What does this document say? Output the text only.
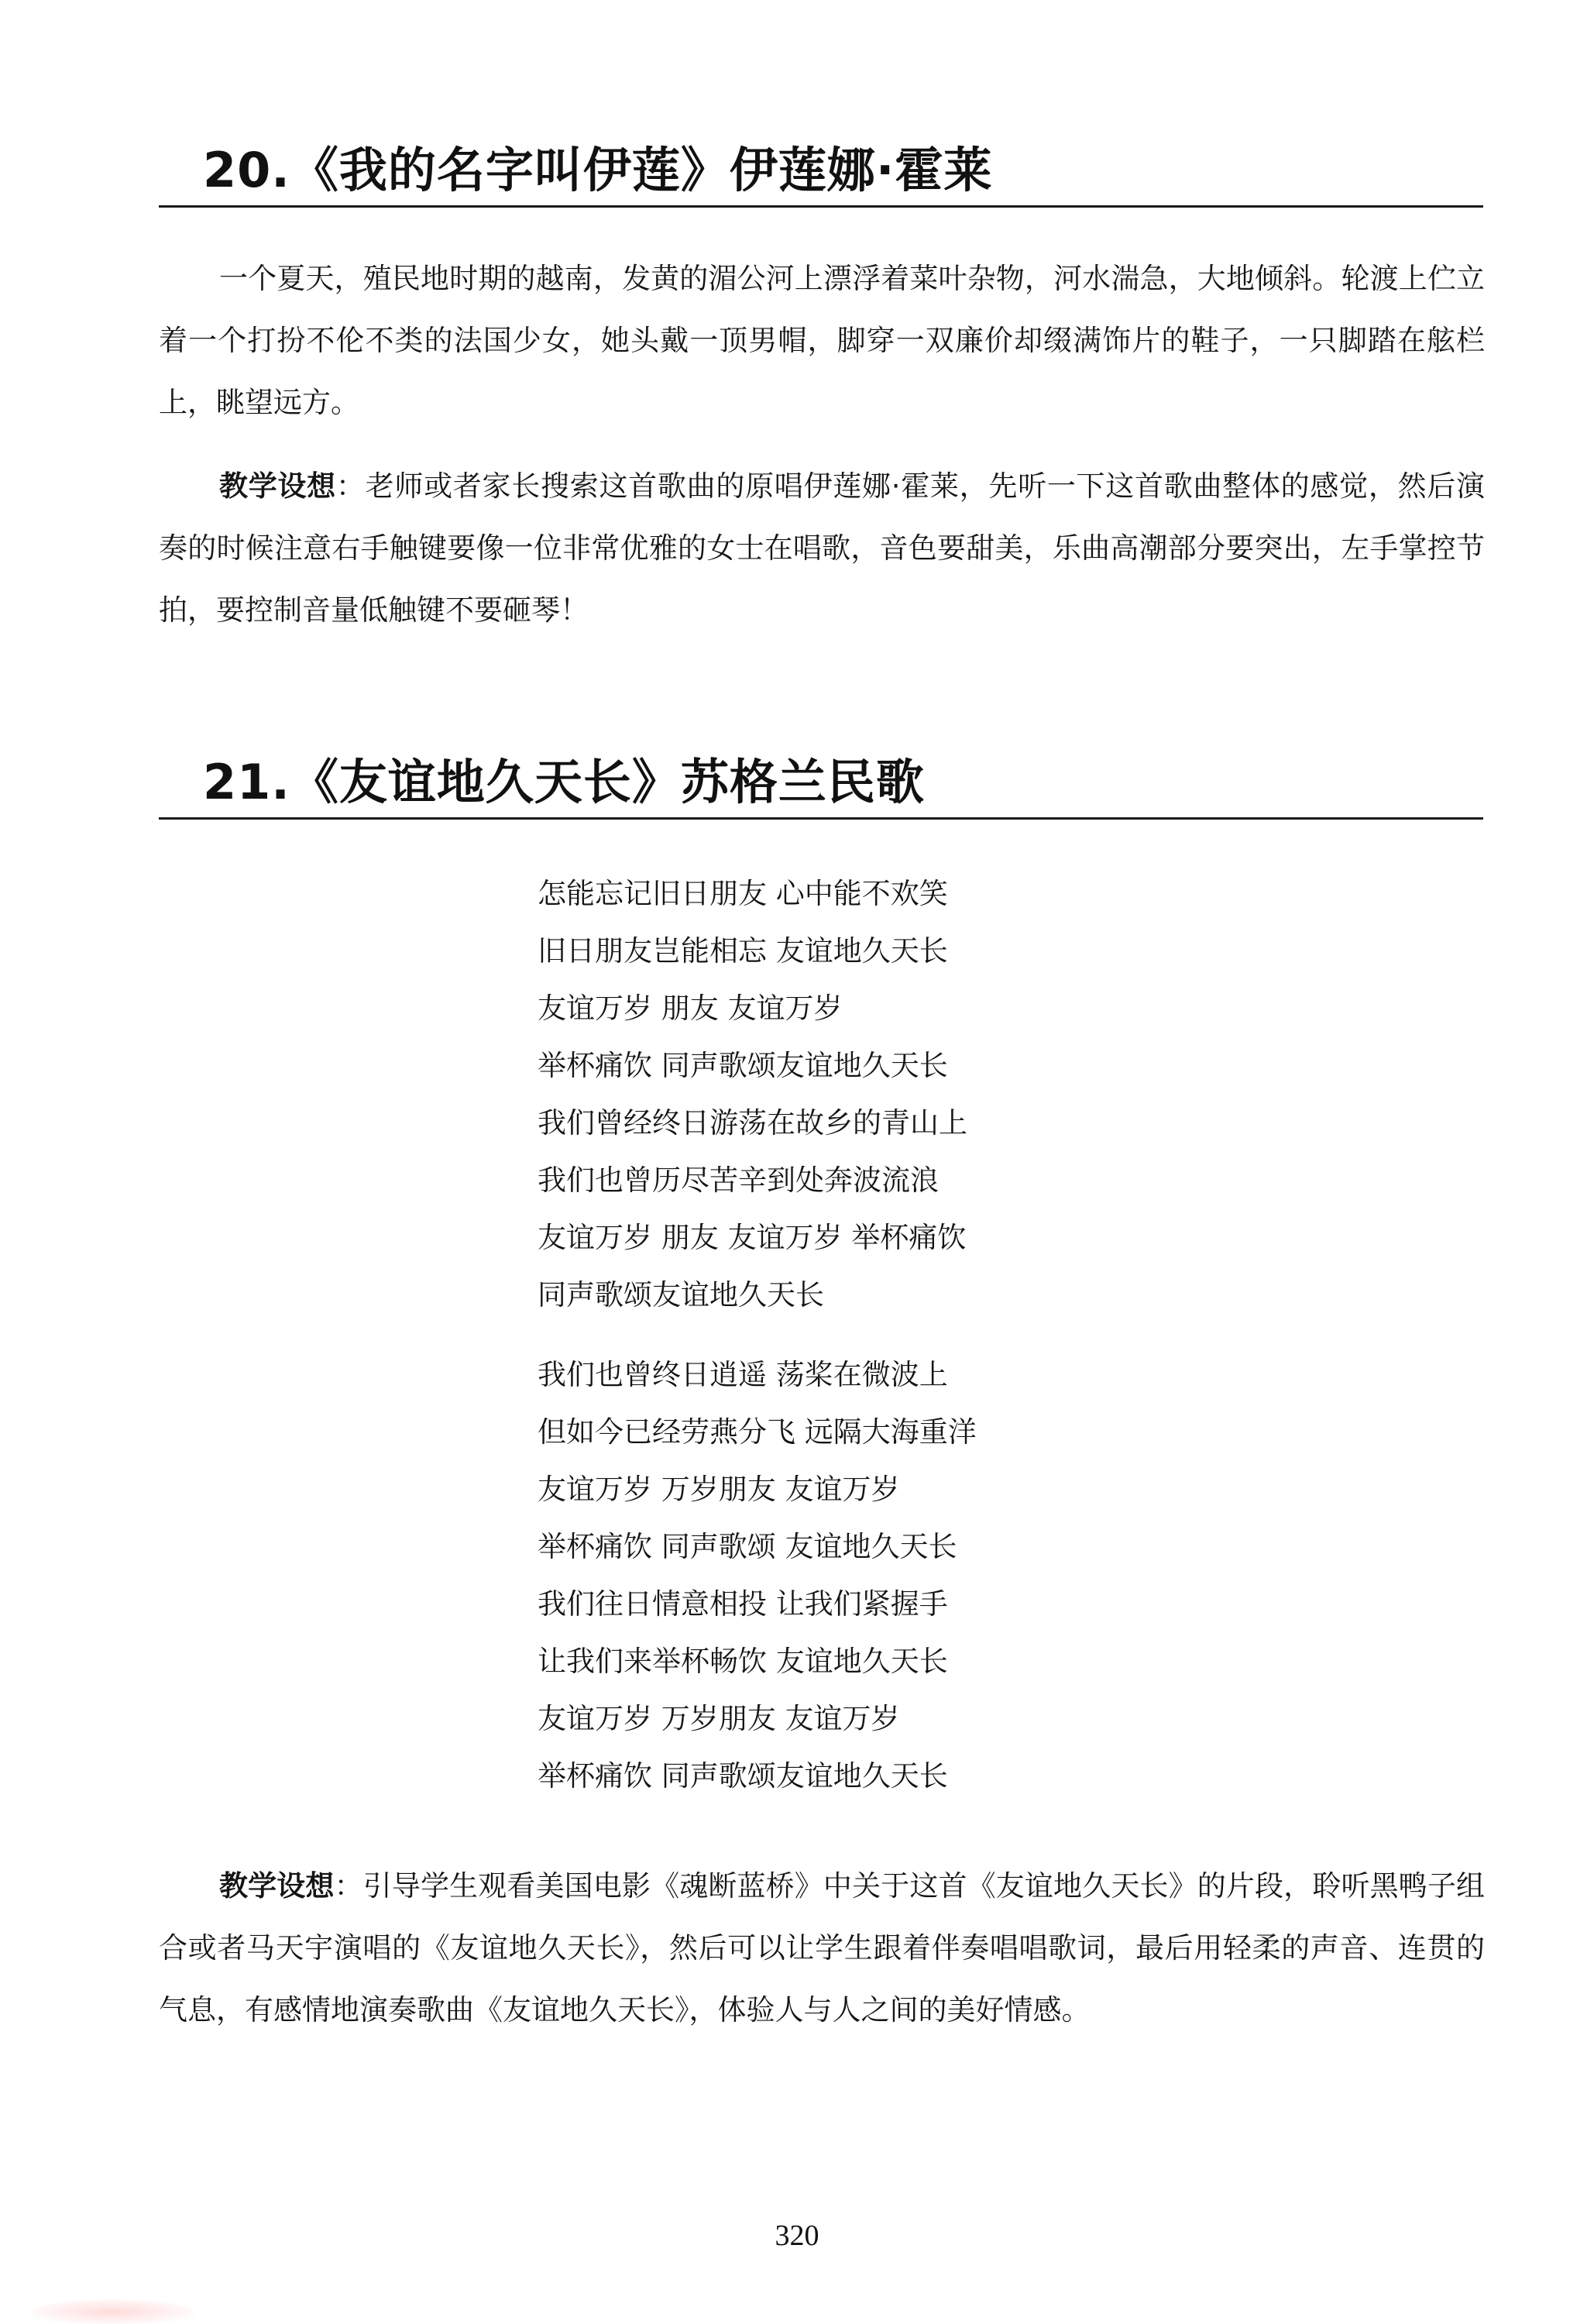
20.《我的名字叫伊莲》伊莲娜·霍莱

一个夏天，殖民地时期的越南，发黄的湄公河上漂浮着菜叶杂物，河水湍急，大地倾斜。轮渡上伫立着一个打扮不伦不类的法国少女，她头戴一顶男帽，脚穿一双廉价却缀满饰片的鞋子，一只脚踏在舷栏上，眺望远方。

教学设想：老师或者家长搜索这首歌曲的原唱伊莲娜·霍莱，先听一下这首歌曲整体的感觉，然后演奏的时候注意右手触键要像一位非常优雅的女士在唱歌，音色要甜美，乐曲高潮部分要突出，左手掌控节拍，要控制音量低触键不要砸琴！

21.《友谊地久天长》苏格兰民歌
怎能忘记旧日朋友 心中能不欢笑
旧日朋友岂能相忘 友谊地久天长
友谊万岁 朋友 友谊万岁
举杯痛饮 同声歌颂友谊地久天长
我们曾经终日游荡在故乡的青山上
我们也曾历尽苦辛到处奔波流浪
友谊万岁 朋友 友谊万岁 举杯痛饮
同声歌颂友谊地久天长
我们也曾终日逍遥 荡桨在微波上
但如今已经劳燕分飞 远隔大海重洋
友谊万岁 万岁朋友 友谊万岁
举杯痛饮 同声歌颂 友谊地久天长
我们往日情意相投 让我们紧握手
让我们来举杯畅饮 友谊地久天长
友谊万岁 万岁朋友 友谊万岁
举杯痛饮 同声歌颂友谊地久天长

教学设想：引导学生观看美国电影《魂断蓝桥》中关于这首《友谊地久天长》的片段，聆听黑鸭子组合或者马天宇演唱的《友谊地久天长》，然后可以让学生跟着伴奏唱唱歌词，最后用轻柔的声音、连贯的气息，有感情地演奏歌曲《友谊地久天长》，体验人与人之间的美好情感。

320
